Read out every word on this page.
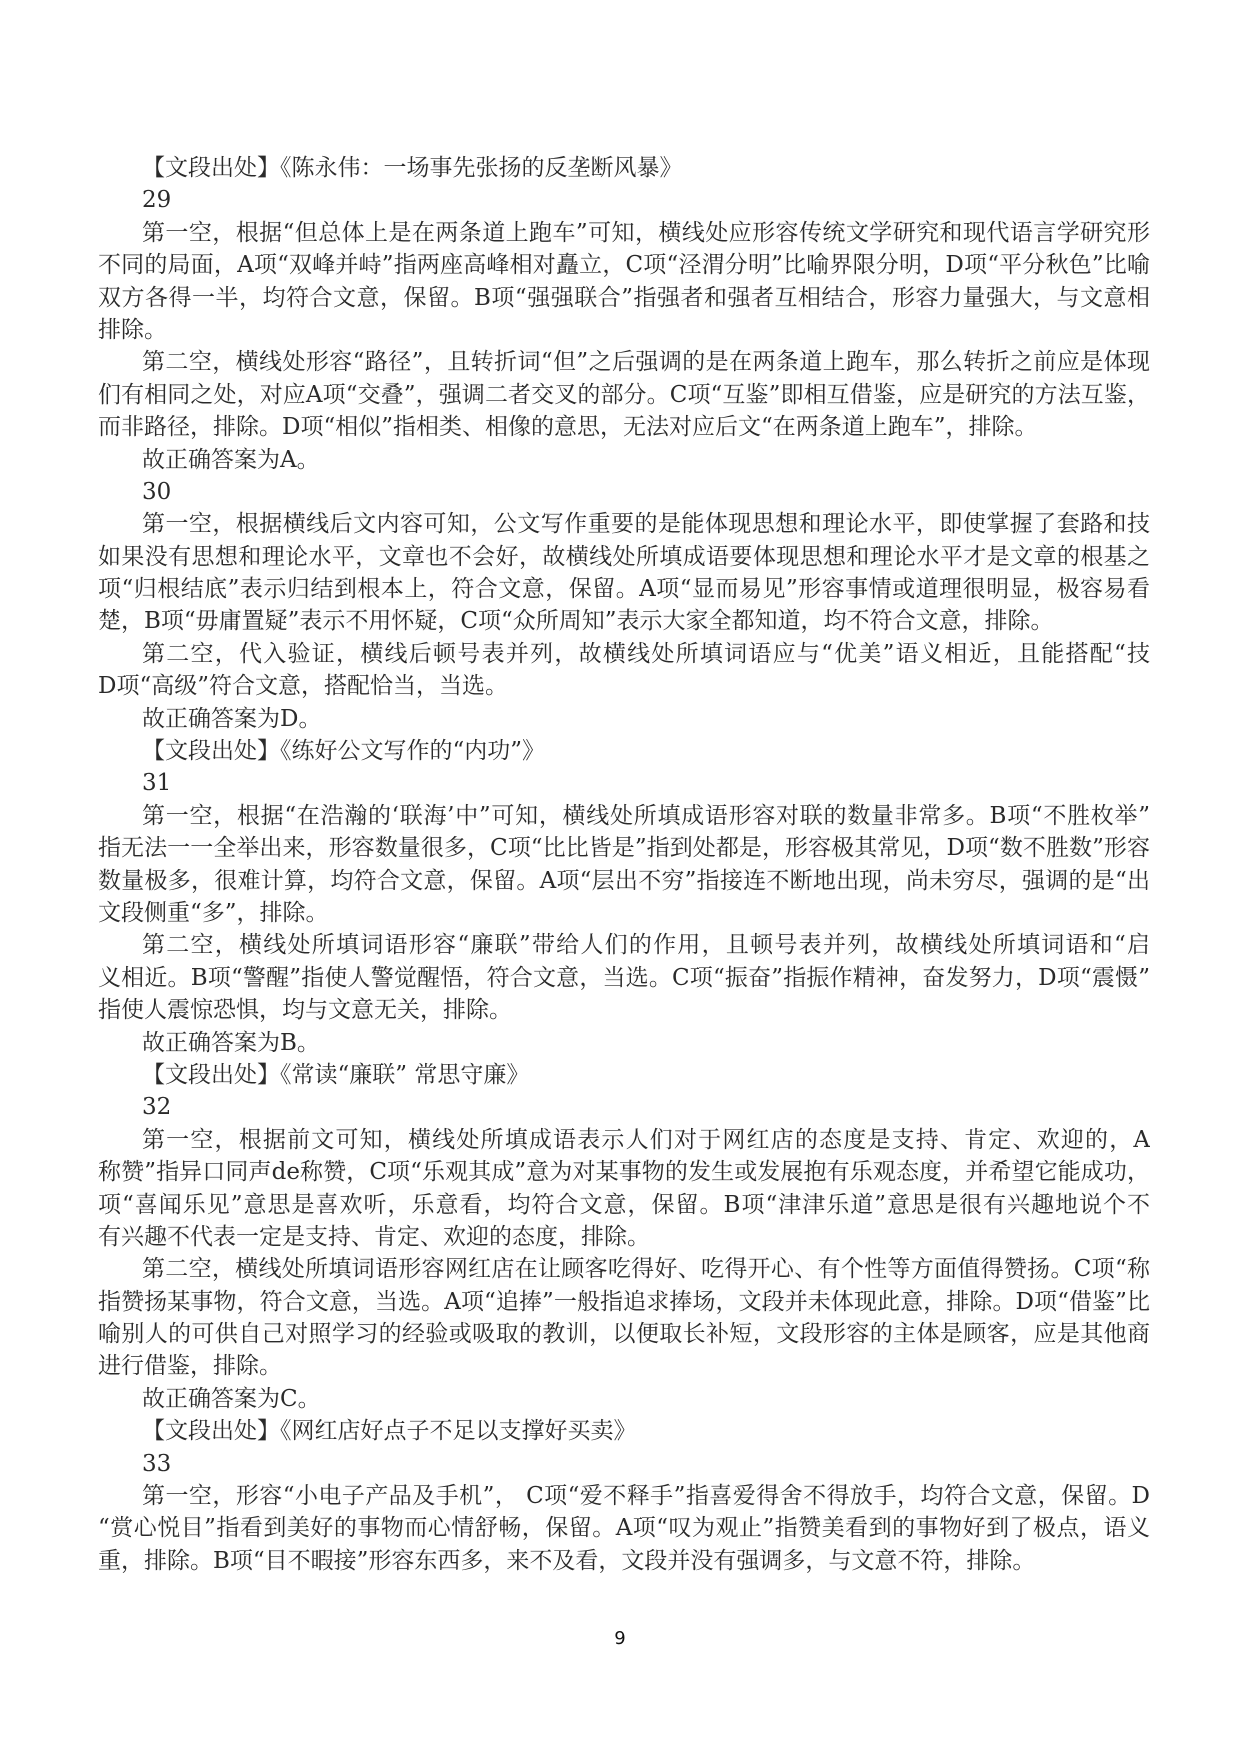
【文段出处】《陈永伟：一场事先张扬的反垄断风暴》
29
第一空，根据“但总体上是在两条道上跑车”可知，横线处应形容传统文学研究和现代语言学研究形
不同的局面，A项“双峰并峙”指两座高峰相对矗立，C项“泾渭分明”比喻界限分明，D项“平分秋色”比喻
双方各得一半，均符合文意，保留。B项“强强联合”指强者和强者互相结合，形容力量强大，与文意相
排除。
第二空，横线处形容“路径”，且转折词“但”之后强调的是在两条道上跑车，那么转折之前应是体现
们有相同之处，对应A项“交叠”，强调二者交叉的部分。C项“互鉴”即相互借鉴，应是研究的方法互鉴，
而非路径，排除。D项“相似”指相类、相像的意思，无法对应后文“在两条道上跑车”，排除。
故正确答案为A。
30
第一空，根据横线后文内容可知，公文写作重要的是能体现思想和理论水平，即使掌握了套路和技
如果没有思想和理论水平，文章也不会好，故横线处所填成语要体现思想和理论水平才是文章的根基之
项“归根结底”表示归结到根本上，符合文意，保留。A项“显而易见”形容事情或道理很明显，极容易看
楚，B项“毋庸置疑”表示不用怀疑，C项“众所周知”表示大家全都知道，均不符合文意，排除。
第二空，代入验证，横线后顿号表并列，故横线处所填词语应与“优美”语义相近，且能搭配“技
D项“高级”符合文意，搭配恰当，当选。
故正确答案为D。
【文段出处】《练好公文写作的“内功”》
31
第一空，根据“在浩瀚的‘联海’中”可知，横线处所填成语形容对联的数量非常多。B项“不胜枚举”
指无法一一全举出来，形容数量很多，C项“比比皆是”指到处都是，形容极其常见，D项“数不胜数”形容
数量极多，很难计算，均符合文意，保留。A项“层出不穷”指接连不断地出现，尚未穷尽，强调的是“出
文段侧重“多”，排除。
第二空，横线处所填词语形容“廉联”带给人们的作用，且顿号表并列，故横线处所填词语和“启
义相近。B项“警醒”指使人警觉醒悟，符合文意，当选。C项“振奋”指振作精神，奋发努力，D项“震慑”
指使人震惊恐惧，均与文意无关，排除。
故正确答案为B。
【文段出处】《常读“廉联” 常思守廉》
32
第一空，根据前文可知，横线处所填成语表示人们对于网红店的态度是支持、肯定、欢迎的，A
称赞”指异口同声de称赞，C项“乐观其成”意为对某事物的发生或发展抱有乐观态度，并希望它能成功，
项“喜闻乐见”意思是喜欢听，乐意看，均符合文意，保留。B项“津津乐道”意思是很有兴趣地说个不
有兴趣不代表一定是支持、肯定、欢迎的态度，排除。
第二空，横线处所填词语形容网红店在让顾客吃得好、吃得开心、有个性等方面值得赞扬。C项“称
指赞扬某事物，符合文意，当选。A项“追捧”一般指追求捧场，文段并未体现此意，排除。D项“借鉴”比
喻别人的可供自己对照学习的经验或吸取的教训，以便取长补短，文段形容的主体是顾客，应是其他商
进行借鉴，排除。
故正确答案为C。
【文段出处】《网红店好点子不足以支撑好买卖》
33
第一空，形容“小电子产品及手机”， C项“爱不释手”指喜爱得舍不得放手，均符合文意，保留。D
“赏心悦目”指看到美好的事物而心情舒畅，保留。A项“叹为观止”指赞美看到的事物好到了极点，语义
重，排除。B项“目不暇接”形容东西多，来不及看，文段并没有强调多，与文意不符，排除。
9
